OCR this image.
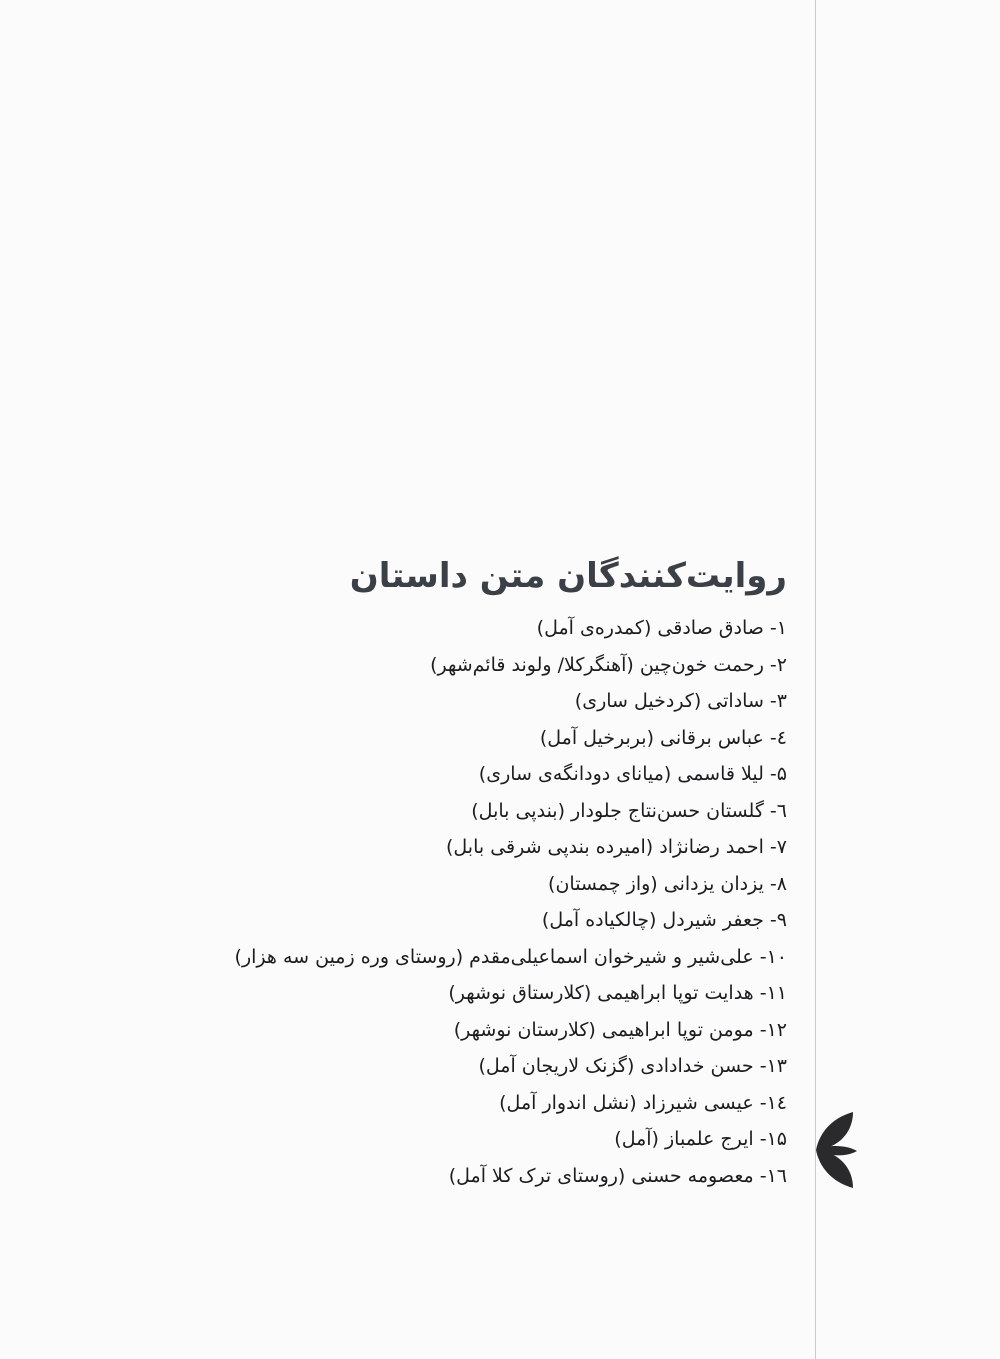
روایت‌کنندگان متن داستان
۱- صادق صادقی (کمدره‌ی آمل)
۲- رحمت خون‌چین (آهنگرکلا/ ولوند قائم‌شهر)
۳- ساداتی (کردخیل ساری)
٤- عباس برقانی (بربرخیل آمل)
۵- لیلا قاسمی (میانای دودانگه‌ی ساری)
٦- گلستان حسن‌نتاج جلودار (بندپی بابل)
۷- احمد رضانژاد (امیرده بندپی شرقی بابل)
۸- یزدان یزدانی (واز چمستان)
۹- جعفر شیردل (چالکیاده آمل)
۱۰- علی‌شیر و شیرخوان اسماعیلی‌مقدم (روستای وره زمین سه هزار)
۱۱- هدایت توپا ابراهیمی (کلارستاق نوشهر)
۱۲- مومن توپا ابراهیمی (کلارستان نوشهر)
۱۳- حسن خدادادی (گزنک لاریجان آمل)
۱٤- عیسی شیرزاد (نشل اندوار آمل)
۱۵- ایرج علمباز (آمل)
۱٦- معصومه حسنی (روستای ترک کلا آمل)
